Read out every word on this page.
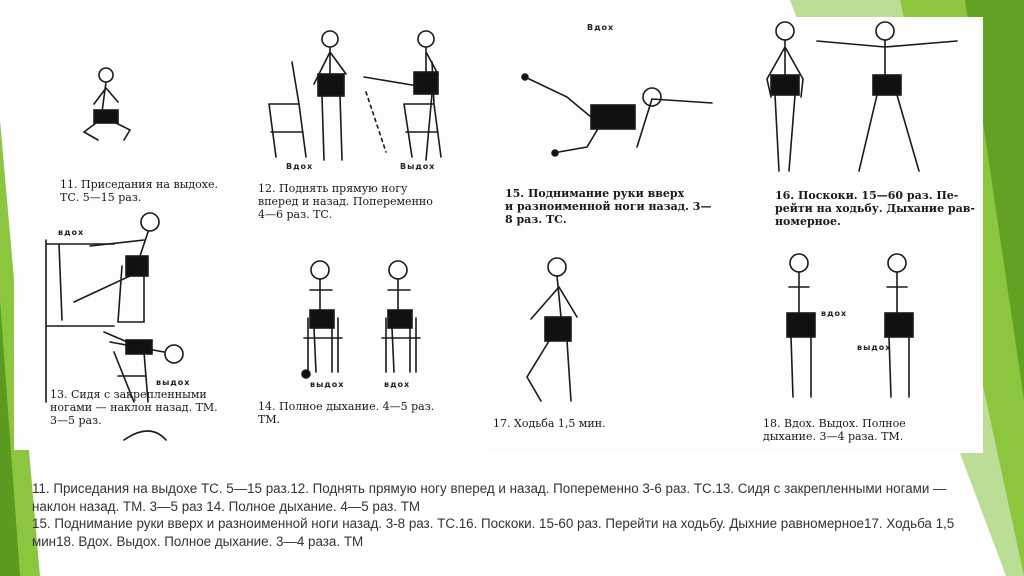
11. Приседания на выдохе.
ТС. 5—15 раз.
12. Поднять прямую ногу
вперед и назад. Попеременно
4—6 раз. ТС.
Вдох	Выдох
вдох
выдох
13. Сидя с закрепленными
ногами — наклон назад. ТМ.
3—5 раз.
выдох	вдох
14. Полное дыхание. 4—5 раз.
ТМ.
Вдох
15. Поднимание руки вверх
и разноименной ноги назад. 3—
8 раз. ТС.
16. Поскоки. 15—60 раз. Пе-
рейти на ходьбу. Дыхание рав-
номерное.
17. Ходьба 1,5 мин.
вдох
выдох
18. Вдох. Выдох. Полное
дыхание. 3—4 раза. ТМ.

11. Приседания на выдохе ТС. 5—15 раз.12. Поднять прямую ногу вперед и назад. Попеременно 3-6 раз. ТС.13. Сидя с закрепленными ногами — наклон назад. ТМ. 3—5 раз 14. Полное дыхание. 4—5 раз. ТМ

15. Поднимание руки вверх и разноименной ноги назад. 3-8 раз. ТС.16. Поскоки. 15-60 раз. Перейти на ходьбу. Дыхние равномерное17. Ходьба 1,5 мин18. Вдох. Выдох. Полное дыхание. 3—4 раза. ТМ
